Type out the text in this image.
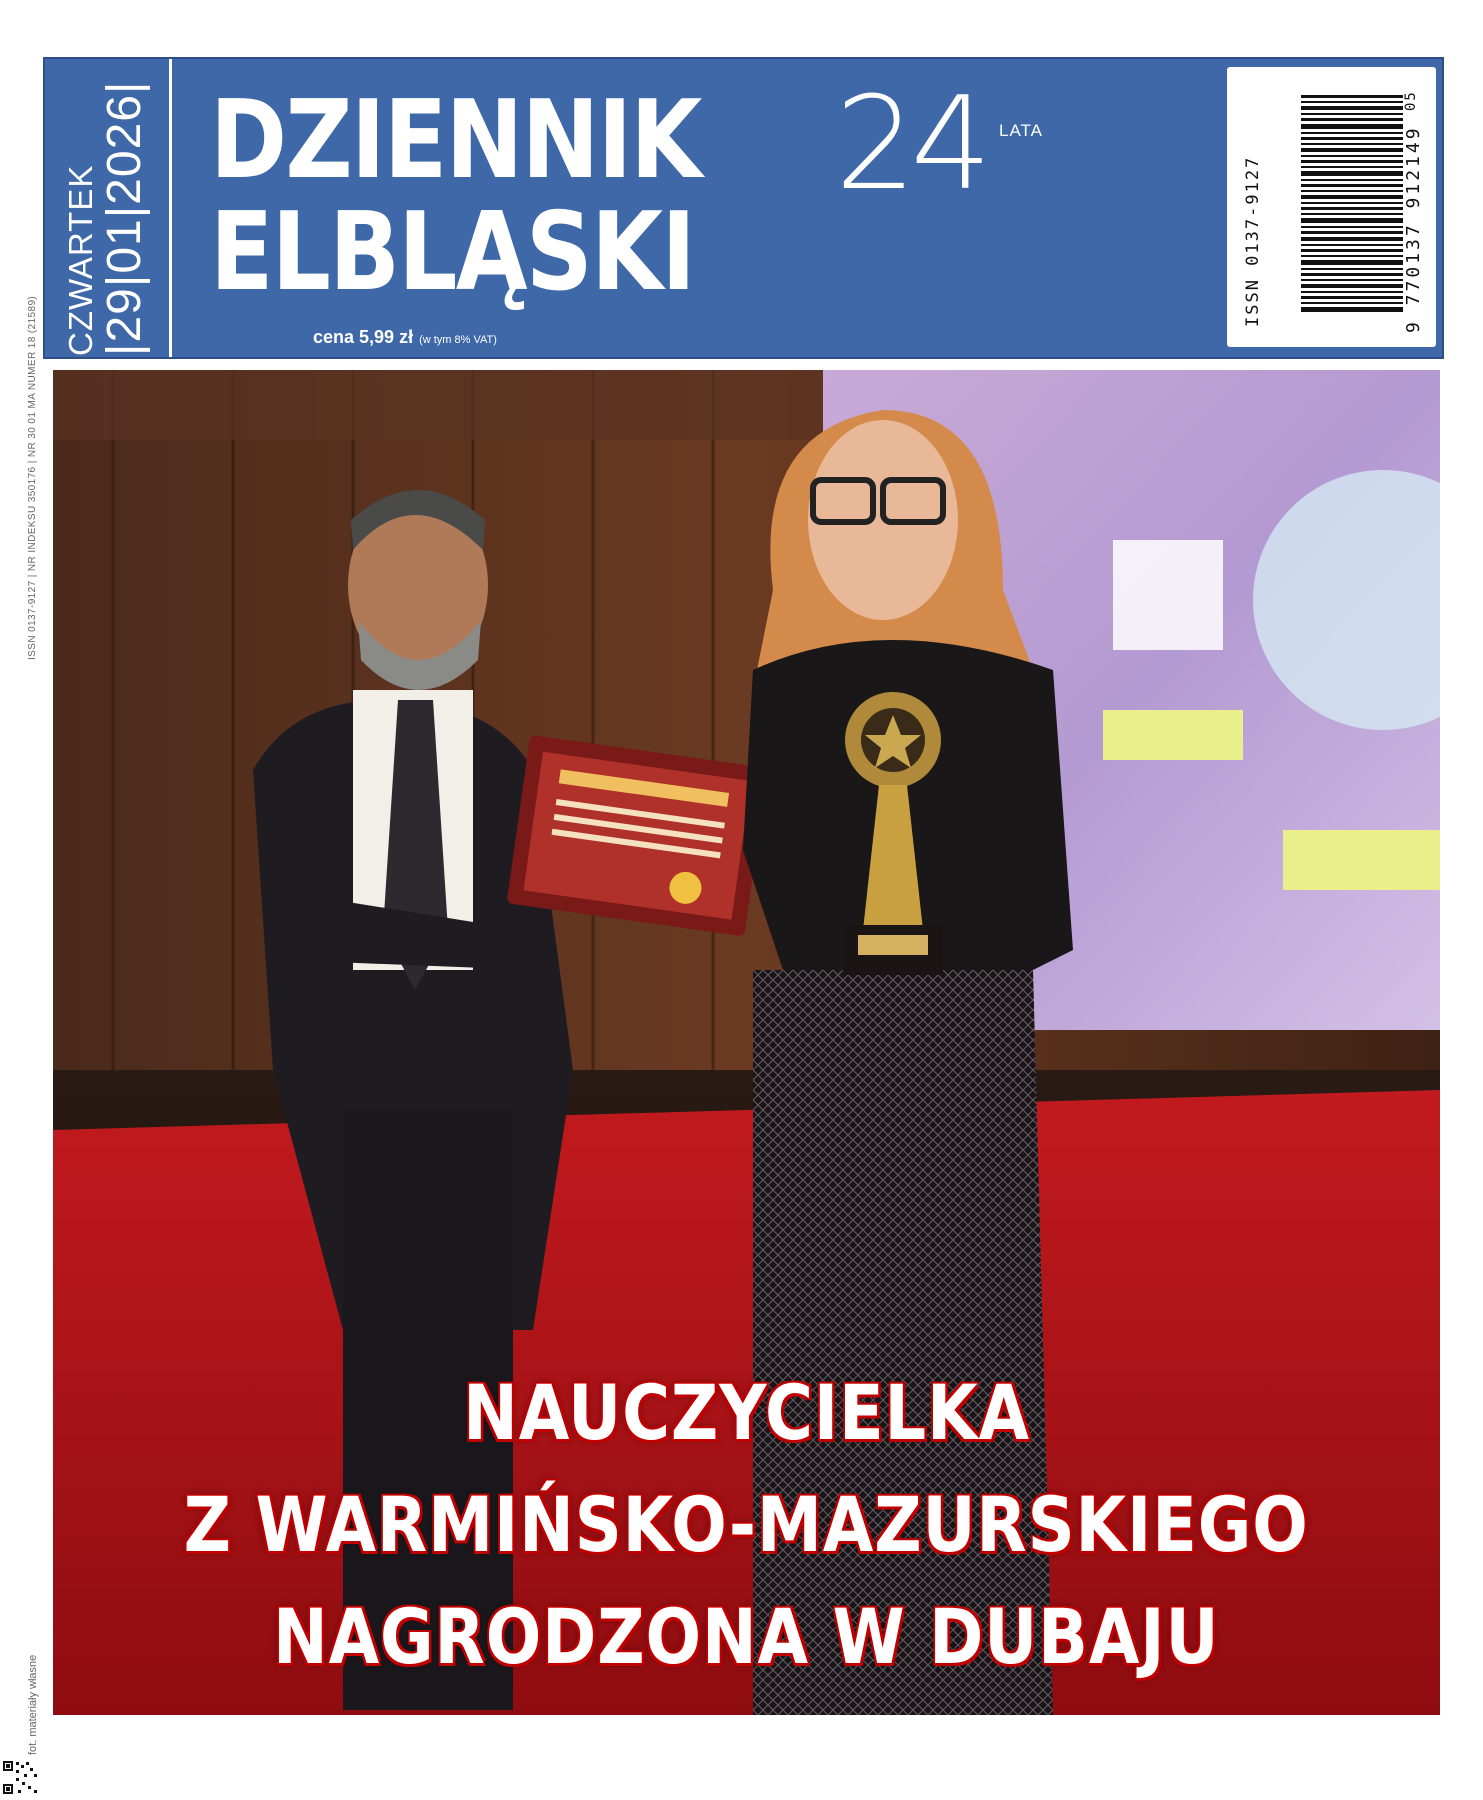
CZWARTEK |29|01|2026| DZIENNIK
ELBLĄSKI
24 LATA
cena 5,99 zł (w tym 8% VAT)
ISSN 0137-9127	9 770137 912149
05
ISSN 0137-9127 | NR INDEKSU 350176 | NR 30 01 MA NUMER 18 (21589)
fot. materiały własne
NAUCZYCIELKA
Z WARMIŃSKO-MAZURSKIEGO
NAGRODZONA W DUBAJU
